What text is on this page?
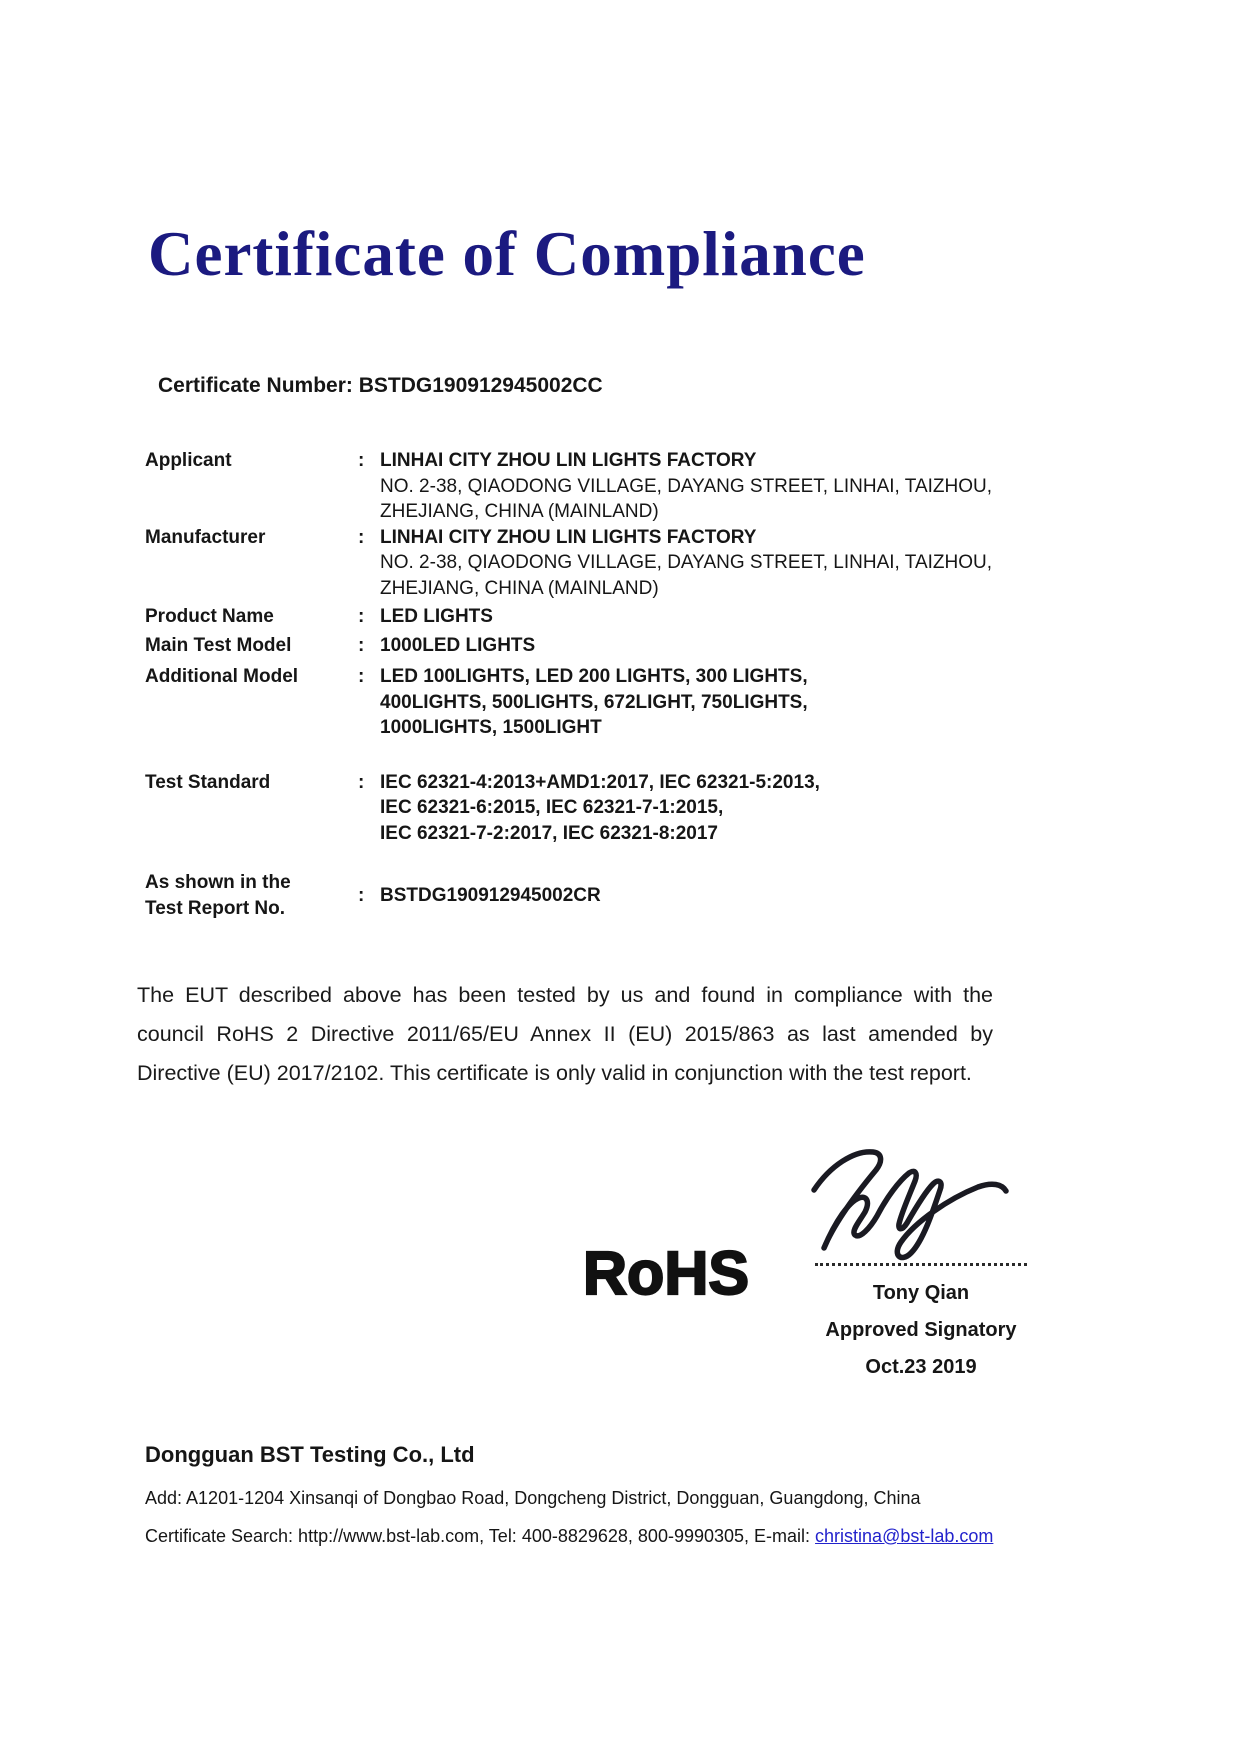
Certificate of Compliance
Certificate Number: BSTDG190912945002CC
Applicant	: LINHAI CITY ZHOU LIN LIGHTS FACTORY
NO. 2-38, QIAODONG VILLAGE, DAYANG STREET, LINHAI, TAIZHOU,
ZHEJIANG, CHINA (MAINLAND)
Manufacturer	: LINHAI CITY ZHOU LIN LIGHTS FACTORY
NO. 2-38, QIAODONG VILLAGE, DAYANG STREET, LINHAI, TAIZHOU,
ZHEJIANG, CHINA (MAINLAND)
Product Name	: LED LIGHTS
Main Test Model	: 1000LED LIGHTS
Additional Model	: LED 100LIGHTS, LED 200 LIGHTS, 300 LIGHTS,
400LIGHTS, 500LIGHTS, 672LIGHT, 750LIGHTS,
1000LIGHTS, 1500LIGHT
Test Standard	: IEC 62321-4:2013+AMD1:2017, IEC 62321-5:2013,
IEC 62321-6:2015, IEC 62321-7-1:2015,
IEC 62321-7-2:2017, IEC 62321-8:2017
As shown in the
Test Report No.
: BSTDG190912945002CR
The EUT described above has been tested by us and found in compliance with the council RoHS 2 Directive 2011/65/EU Annex II (EU) 2015/863 as last amended by Directive (EU) 2017/2102. This certificate is only valid in conjunction with the test report.
RoHS	Tony Qian
Approved Signatory
Oct.23 2019
Dongguan BST Testing Co., Ltd
Add: A1201-1204 Xinsanqi of Dongbao Road, Dongcheng District, Dongguan, Guangdong, China
Certificate Search: http://www.bst-lab.com, Tel: 400-8829628, 800-9990305, E-mail: christina@bst-lab.com
